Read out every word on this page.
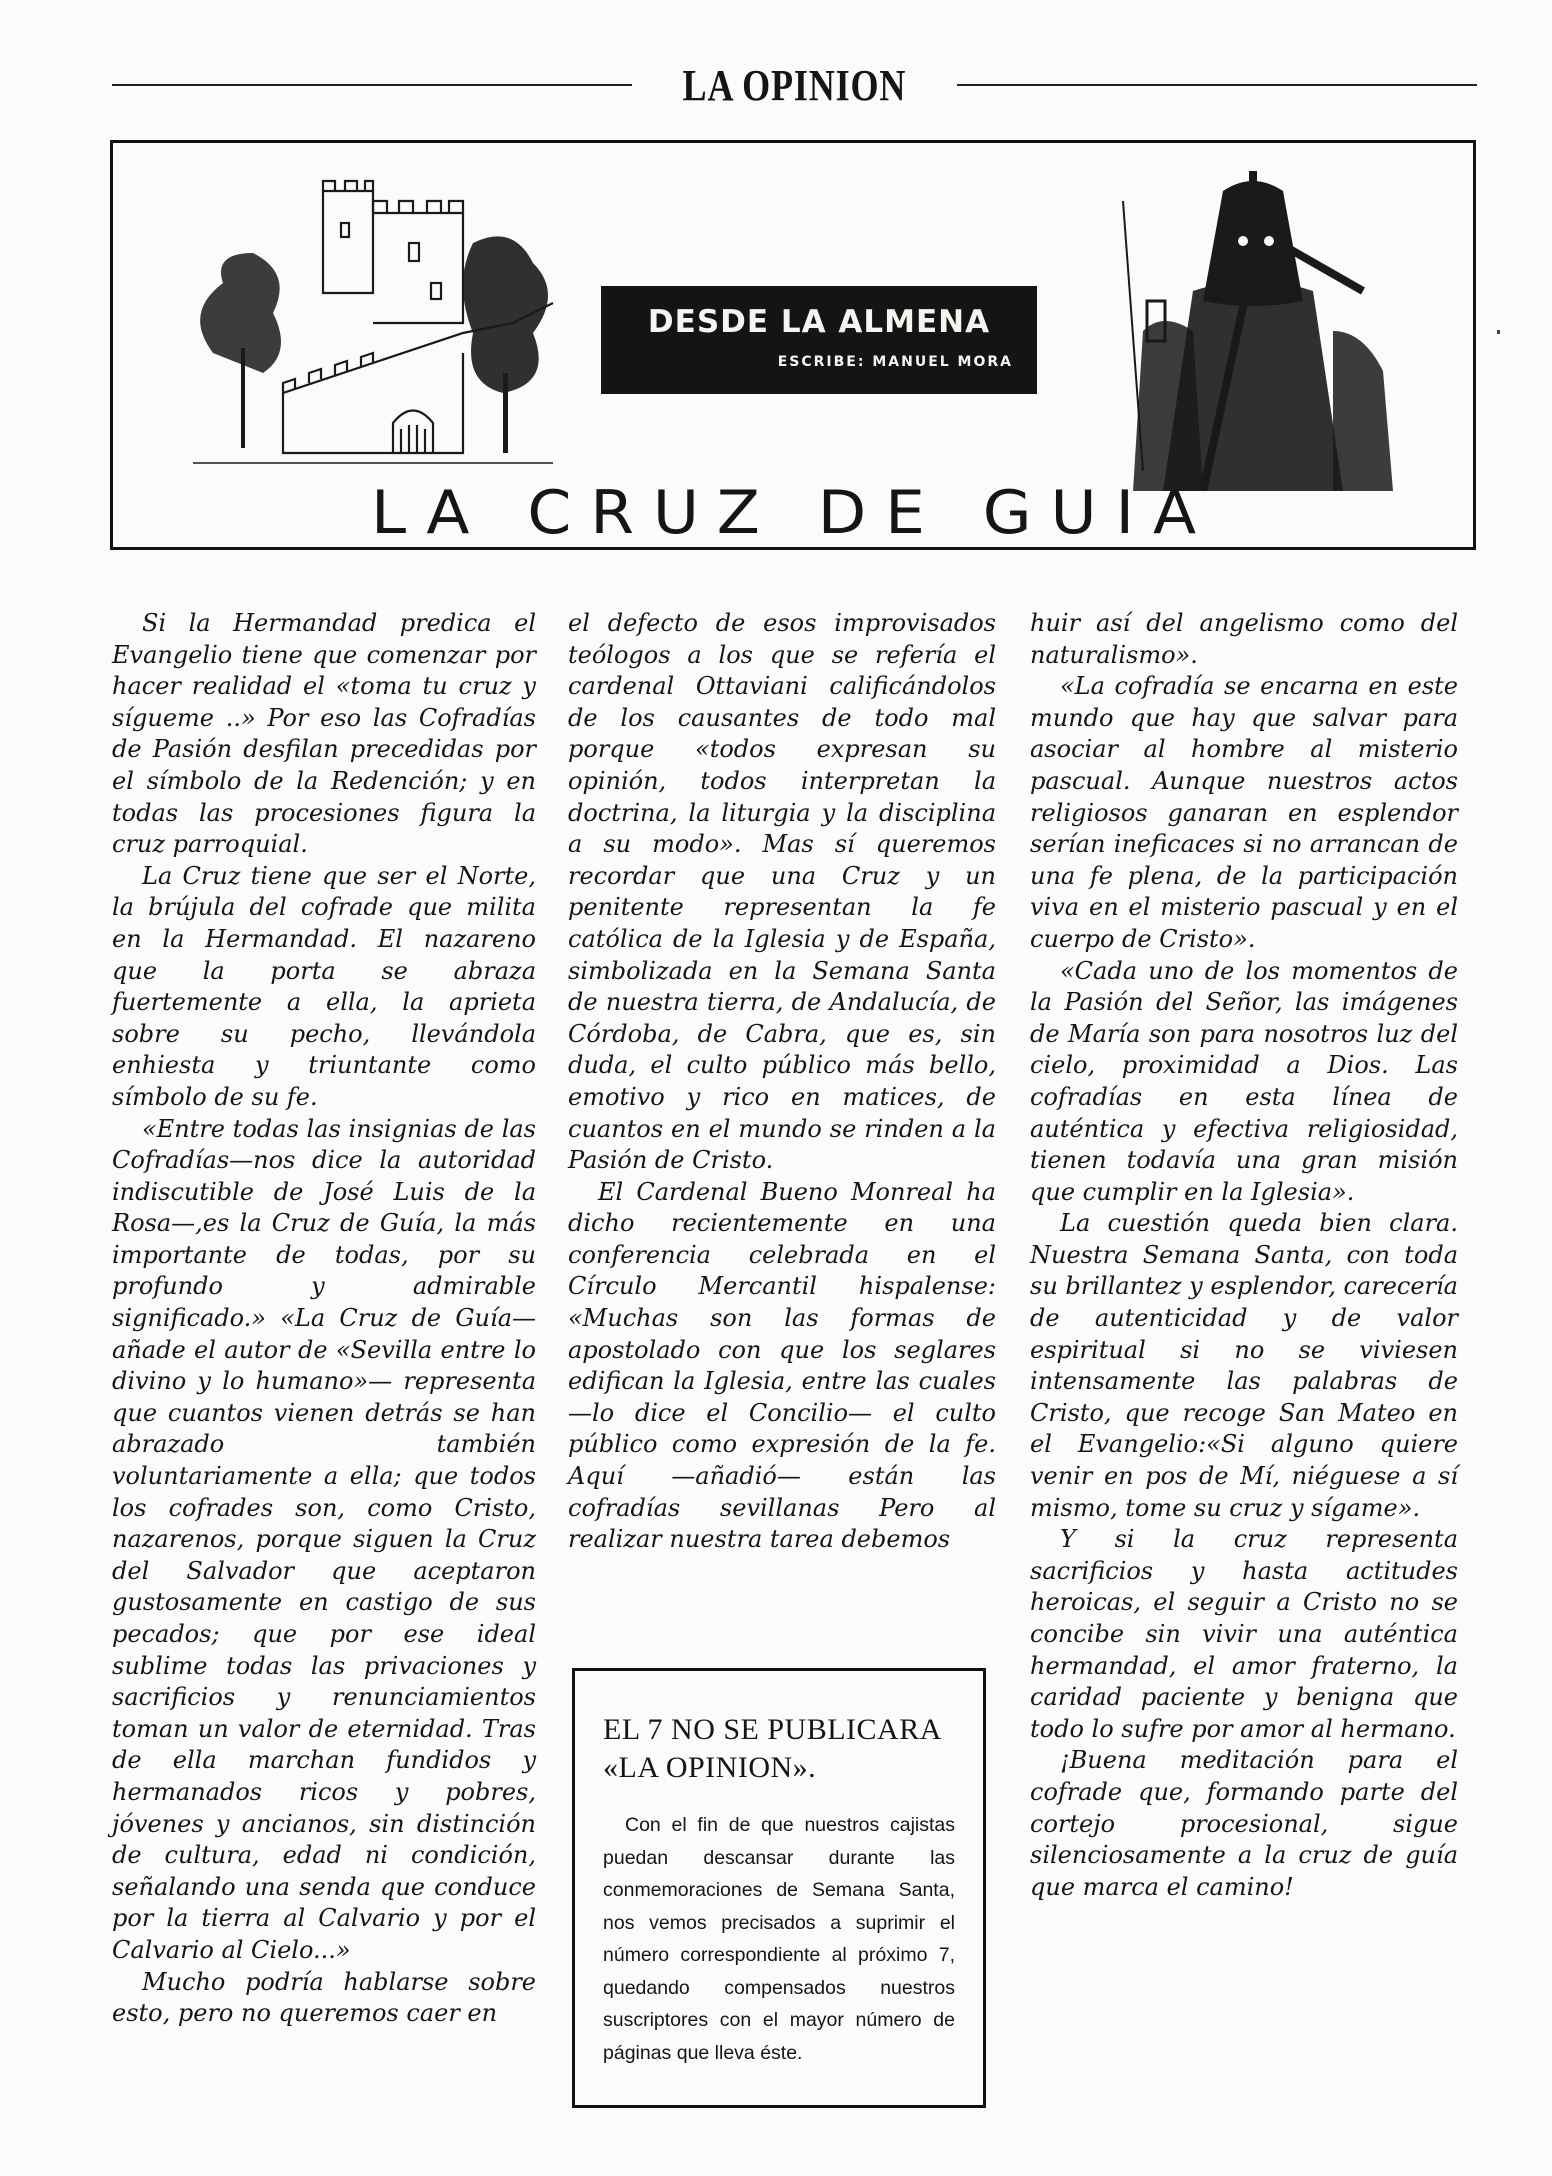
LA OPINION
DESDE LA ALMENA
ESCRIBE: MANUEL MORA
LA CRUZ DE GUIA

Si la Hermandad predica el Evangelio tiene que comenzar por hacer realidad el «toma tu cruz y sígueme ..» Por eso las Cofradías de Pasión desfilan precedidas por el símbolo de la Redención; y en todas las procesiones figura la cruz parroquial.

La Cruz tiene que ser el Norte, la brújula del cofrade que milita en la Hermandad. El nazareno que la porta se abraza fuertemente a ella, la aprieta sobre su pecho, llevándola enhiesta y triuntante como símbolo de su fe.

«Entre todas las insignias de las Cofradías—nos dice la autoridad indiscutible de José Luis de la Rosa—,es la Cruz de Guía, la más importante de todas, por su profundo y admirable significado.» «La Cruz de Guía—añade el autor de «Sevilla entre lo divino y lo humano»— representa que cuantos vienen detrás se han abrazado también voluntariamente a ella; que todos los cofrades son, como Cristo, nazarenos, porque siguen la Cruz del Salvador que aceptaron gustosamente en castigo de sus pecados; que por ese ideal sublime todas las privaciones y sacrificios y renunciamientos toman un valor de eternidad. Tras de ella marchan fundidos y hermanados ricos y pobres, jóvenes y ancianos, sin distinción de cultura, edad ni condición, señalando una senda que conduce por la tierra al Calvario y por el Calvario al Cielo...»

Mucho podría hablarse sobre esto, pero no queremos caer en

el defecto de esos improvisados teólogos a los que se refería el cardenal Ottaviani calificándolos de los causantes de todo mal porque «todos expresan su opinión, todos interpretan la doctrina, la liturgia y la disciplina a su modo». Mas sí queremos recordar que una Cruz y un penitente representan la fe católica de la Iglesia y de España, simbolizada en la Semana Santa de nuestra tierra, de Andalucía, de Córdoba, de Cabra, que es, sin duda, el culto público más bello, emotivo y rico en matices, de cuantos en el mundo se rinden a la Pasión de Cristo.

El Cardenal Bueno Monreal ha dicho recientemente en una conferencia celebrada en el Círculo Mercantil hispalense: «Muchas son las formas de apostolado con que los seglares edifican la Iglesia, entre las cuales —lo dice el Concilio— el culto público como expresión de la fe. Aquí —añadió— están las cofradías sevillanas Pero al realizar nuestra tarea debemos

EL 7 NO SE PUBLICARA «LA OPINION».

Con el fin de que nuestros cajistas puedan descansar durante las conmemoraciones de Semana Santa, nos vemos precisados a suprimir el número correspondiente al próximo 7, quedando compensados nuestros suscriptores con el mayor número de páginas que lleva éste.

huir así del angelismo como del naturalismo».

«La cofradía se encarna en este mundo que hay que salvar para asociar al hombre al misterio pascual. Aunque nuestros actos religiosos ganaran en esplendor serían ineficaces si no arrancan de una fe plena, de la participación viva en el misterio pascual y en el cuerpo de Cristo».

«Cada uno de los momentos de la Pasión del Señor, las imágenes de María son para nosotros luz del cielo, proximidad a Dios. Las cofradías en esta línea de auténtica y efectiva religiosidad, tienen todavía una gran misión que cumplir en la Iglesia».

La cuestión queda bien clara. Nuestra Semana Santa, con toda su brillantez y esplendor, carecería de autenticidad y de valor espiritual si no se viviesen intensamente las palabras de Cristo, que recoge San Mateo en el Evangelio:«Si alguno quiere venir en pos de Mí, niéguese a sí mismo, tome su cruz y sígame».

Y si la cruz representa sacrificios y hasta actitudes heroicas, el seguir a Cristo no se concibe sin vivir una auténtica hermandad, el amor fraterno, la caridad paciente y benigna que todo lo sufre por amor al hermano.

¡Buena meditación para el cofrade que, formando parte del cortejo procesional, sigue silenciosamente a la cruz de guía que marca el camino!
